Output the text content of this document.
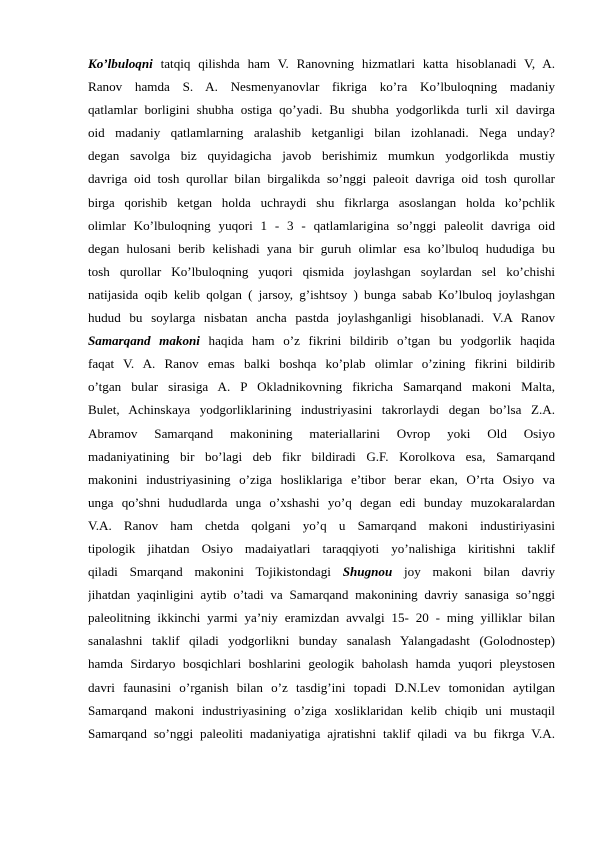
Ko’lbuloqni tatqiq qilishda ham V. Ranovning hizmatlari katta hisoblanadi V, A.
Ranov hamda S. A. Nesmenyanovlar fikriga ko’ra Ko’lbuloqning madaniy
qatlamlar borligini shubha ostiga qo’yadi. Bu shubha yodgorlikda turli xil davirga
oid madaniy qatlamlarning aralashib ketganligi bilan izohlanadi. Nega unday?
degan savolga biz quyidagicha javob berishimiz mumkun yodgorlikda mustiy
davriga oid tosh qurollar bilan birgalikda so’nggi paleoit davriga oid tosh qurollar
birga qorishib ketgan holda uchraydi shu fikrlarga asoslangan holda ko’pchlik
olimlar Ko’lbuloqning yuqori 1 - 3 - qatlamlarigina so’nggi paleolit davriga oid
degan hulosani berib kelishadi yana bir guruh olimlar esa ko’lbuloq hududiga bu
tosh qurollar Ko’lbuloqning yuqori qismida joylashgan soylardan sel ko’chishi
natijasida oqib kelib qolgan ( jarsoy, g’ishtsoy ) bunga sabab Ko’lbuloq joylashgan
hudud bu soylarga nisbatan ancha pastda joylashganligi hisoblanadi. V.A Ranov
Samarqand makoni haqida ham o’z fikrini bildirib o’tgan bu yodgorlik haqida
faqat V. A. Ranov emas balki boshqa ko’plab olimlar o’zining fikrini bildirib
o’tgan bular sirasiga A. P Okladnikovning fikricha Samarqand makoni Malta,
Bulet, Achinskaya yodgorliklarining industriyasini takrorlaydi degan bo’lsa Z.A.
Abramov Samarqand makonining materiallarini Ovrop yoki Old Osiyo
madaniyatining bir bo’lagi deb fikr bildiradi G.F. Korolkova esa, Samarqand
makonini industriyasining o’ziga hosliklariga e’tibor berar ekan, O’rta Osiyo va
unga qo’shni hududlarda unga o’xshashi yo’q degan edi bunday muzokaralardan
V.A. Ranov ham chetda qolgani yo’q u Samarqand makoni industiriyasini
tipologik jihatdan Osiyo madaiyatlari taraqqiyoti yo’nalishiga kiritishni taklif
qiladi Smarqand makonini Tojikistondagi Shugnou joy makoni bilan davriy
jihatdan yaqinligini aytib o’tadi va Samarqand makonining davriy sanasiga so’nggi
paleolitning ikkinchi yarmi ya’niy eramizdan avvalgi 15- 20 - ming yilliklar bilan
sanalashni taklif qiladi yodgorlikni bunday sanalash Yalangadasht (Golodnostep)
hamda Sirdaryo bosqichlari boshlarini geologik baholash hamda yuqori pleystosen
davri faunasini o’rganish bilan o’z tasdig’ini topadi D.N.Lev tomonidan aytilgan
Samarqand makoni industriyasining o’ziga xosliklaridan kelib chiqib uni mustaqil
Samarqand so’nggi paleoliti madaniyatiga ajratishni taklif qiladi va bu fikrga V.A.
